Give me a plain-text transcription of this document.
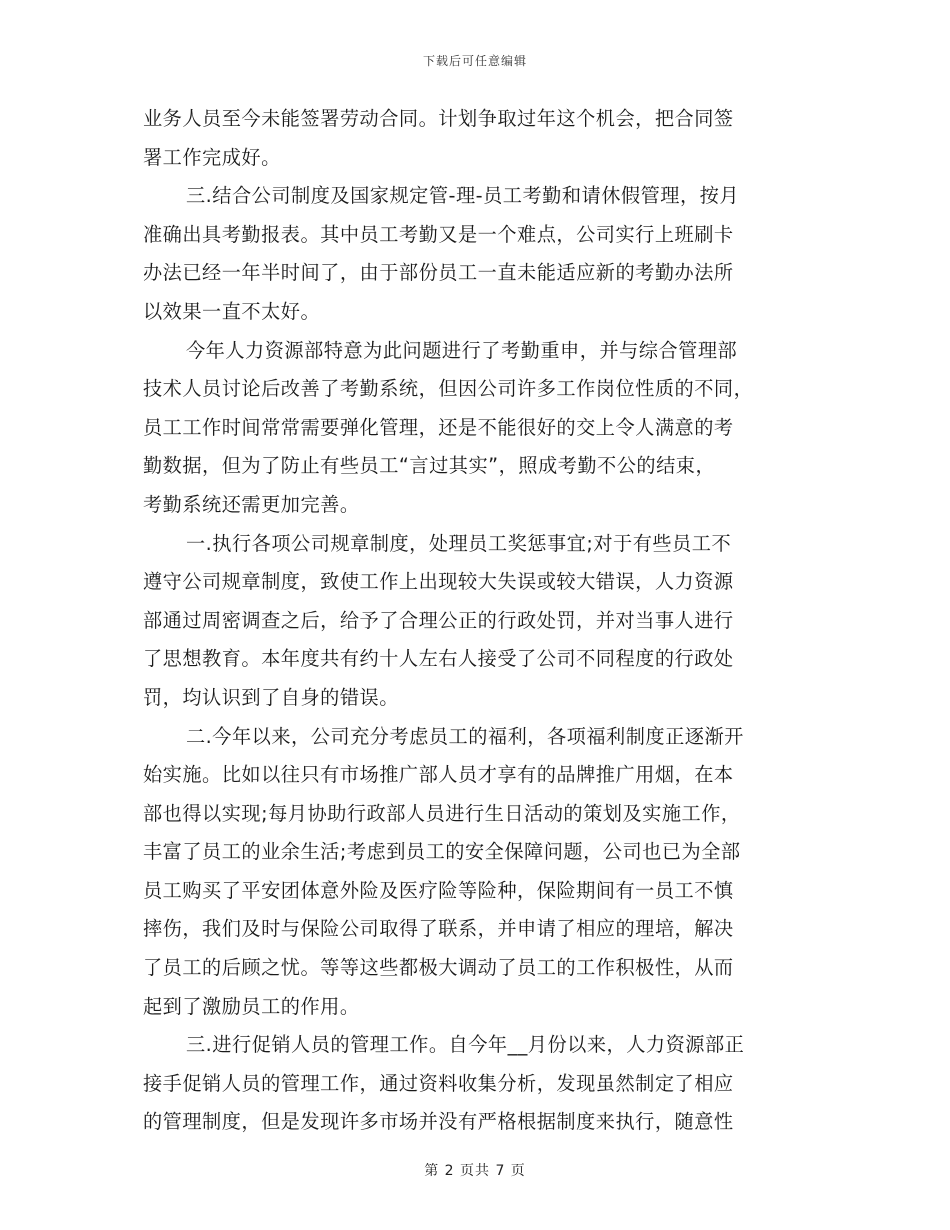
下载后可任意编辑
业务人员至今未能签署劳动合同。计划争取过年这个机会，把合同签
署工作完成好。
三.结合公司制度及国家规定管-理-员工考勤和请休假管理，按月
准确出具考勤报表。其中员工考勤又是一个难点，公司实行上班刷卡
办法已经一年半时间了，由于部份员工一直未能适应新的考勤办法所
以效果一直不太好。
今年人力资源部特意为此问题进行了考勤重申，并与综合管理部
技术人员讨论后改善了考勤系统，但因公司许多工作岗位性质的不同，
员工工作时间常常需要弹化管理，还是不能很好的交上令人满意的考
勤数据，但为了防止有些员工“言过其实”，照成考勤不公的结束，
考勤系统还需更加完善。
一.执行各项公司规章制度，处理员工奖惩事宜;对于有些员工不
遵守公司规章制度，致使工作上出现较大失误或较大错误，人力资源
部通过周密调查之后，给予了合理公正的行政处罚，并对当事人进行
了思想教育。本年度共有约十人左右人接受了公司不同程度的行政处
罚，均认识到了自身的错误。
二.今年以来，公司充分考虑员工的福利，各项福利制度正逐渐开
始实施。比如以往只有市场推广部人员才享有的品牌推广用烟，在本
部也得以实现;每月协助行政部人员进行生日活动的策划及实施工作，
丰富了员工的业余生活;考虑到员工的安全保障问题，公司也已为全部
员工购买了平安团体意外险及医疗险等险种，保险期间有一员工不慎
摔伤，我们及时与保险公司取得了联系，并申请了相应的理培，解决
了员工的后顾之忧。等等这些都极大调动了员工的工作积极性，从而
起到了激励员工的作用。
三.进行促销人员的管理工作。自今年__月份以来，人力资源部正
接手促销人员的管理工作，通过资料收集分析，发现虽然制定了相应
的管理制度，但是发现许多市场并没有严格根据制度来执行，随意性
第 2 页共 7 页
